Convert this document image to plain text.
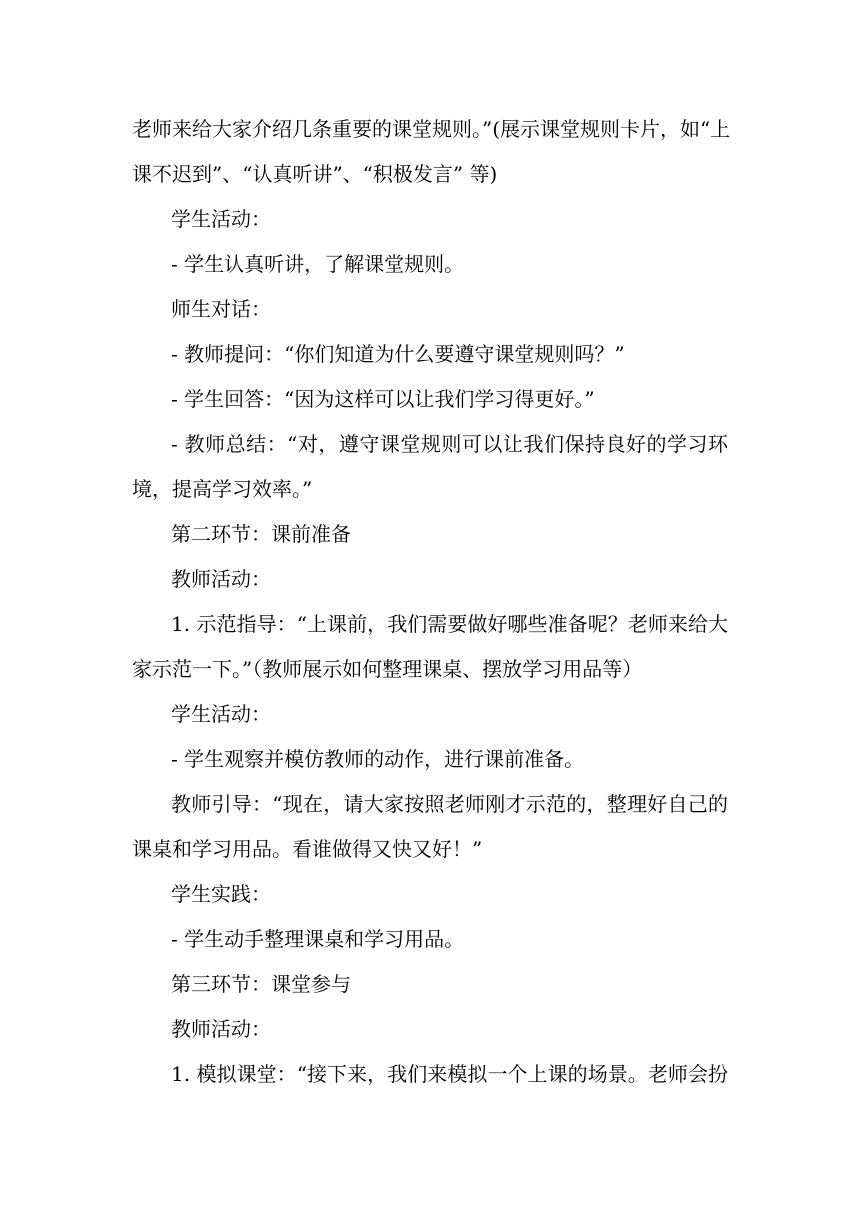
老师来给大家介绍几条重要的课堂规则。”(展示课堂规则卡片，如“上
课不迟到”、“认真听讲”、“积极发言” 等)
学生活动：
- 学生认真听讲，了解课堂规则。
师生对话：
- 教师提问：“你们知道为什么要遵守课堂规则吗？”
- 学生回答：“因为这样可以让我们学习得更好。”
- 教师总结：“对，遵守课堂规则可以让我们保持良好的学习环
境，提高学习效率。”
第二环节：课前准备
教师活动：
1. 示范指导：“上课前，我们需要做好哪些准备呢？老师来给大
家示范一下。”（教师展示如何整理课桌、摆放学习用品等）
学生活动：
- 学生观察并模仿教师的动作，进行课前准备。
教师引导：“现在，请大家按照老师刚才示范的，整理好自己的
课桌和学习用品。看谁做得又快又好！”
学生实践：
- 学生动手整理课桌和学习用品。
第三环节：课堂参与
教师活动：
1. 模拟课堂：“接下来，我们来模拟一个上课的场景。老师会扮
